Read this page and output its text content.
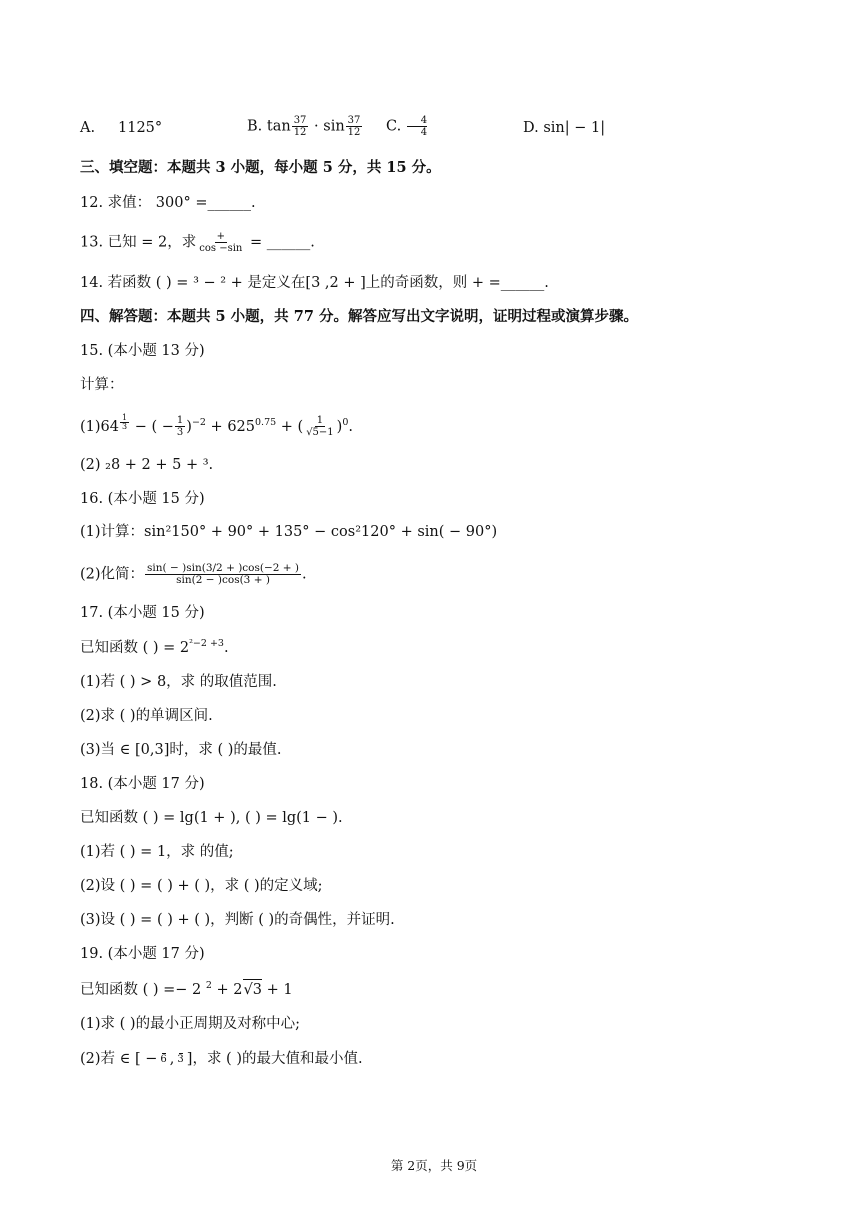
A. 1125°	B. $\tan \frac{37}{12} \cdot \sin \frac{37}{12} C$. $\frac{4}{4}$	D. sin| − 1|
三、填空题：本题共 3 小题，每小题 5 分，共 15 分。
12. 求值： 300° =______.
13. 已知 = 2，求 $\frac{+}{\cos -\sin}$ = ______.
14. 若函数 ( ) = ³ − ² + 是定义在[3 ,2 + ]上的奇函数，则 + =______.
四、解答题：本题共 5 小题，共 77 分。解答应写出文字说明，证明过程或演算步骤。
15. (本小题 13 分)
计算：
(1)64 $^{\frac{1}{3}}$ − ( − $\frac{1}{3} )^{-2} + 625^{0.75}$ + ( $\frac{1}{√5-1} )^0$.
(2) ₂8 + 2 + 5 + ³.
16. (本小题 15 分)
(1)计算：sin²150° + 90° + 135° − cos²120° + sin( − 90°)
(2)化简： $\frac{\sin( - )\sin(3/2 + )\cos(-2 + )}{\sin(2 - )\cos(3 + )}$ .
17. (本小题 15 分)
已知函数 ( ) = $2^{^2-2 +3}$.
(1)若 ( ) > 8，求 的取值范围.
(2)求 ( )的单调区间.
(3)当 ∈ [0,3]时，求 ( )的最值.
18. (本小题 17 分)
已知函数 ( ) = lg(1 + ), ( ) = lg(1 − ).
(1)若 ( ) = 1，求 的值;
(2)设 ( ) = ( ) + ( )，求 ( )的定义域;
(3)设 ( ) = ( ) + ( )，判断 ( )的奇偶性，并证明.
19. (本小题 17 分)
已知函数 ( ) =− 2 $^2$ + 2√3 + 1
(1)求 ( )的最小正周期及对称中心;
(2)若 ∈ [ − 6 , 3 ]，求 ( )的最大值和最小值.
第 2页，共 9页
